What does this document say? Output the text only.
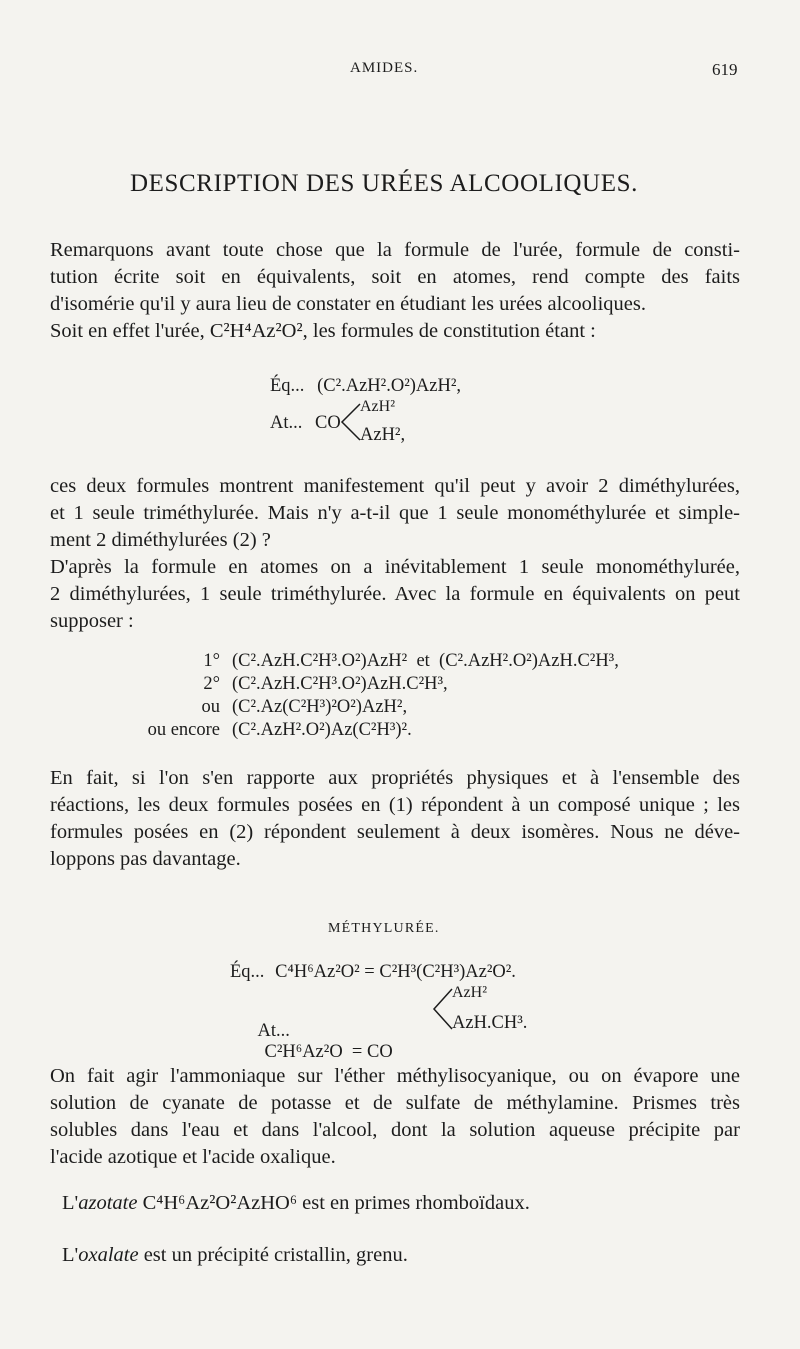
AMIDES.	619
DESCRIPTION DES URÉES ALCOOLIQUES.
Remarquons avant toute chose que la formule de l'urée, formule de consti-
tution écrite soit en équivalents, soit en atomes, rend compte des faits
d'isomérie qu'il y aura lieu de constater en étudiant les urées alcooliques.
Soit en effet l'urée, C²H⁴Az²O², les formules de constitution étant :
Éq... (C².AzH².O²)AzH²,
At... CO
AzH²
AzH²,
ces deux formules montrent manifestement qu'il peut y avoir 2 diméthylurées,
et 1 seule triméthylurée. Mais n'y a-t-il que 1 seule monométhylurée et simple-
ment 2 diméthylurées (2) ?
D'après la formule en atomes on a inévitablement 1 seule monométhylurée,
2 diméthylurées, 1 seule triméthylurée. Avec la formule en équivalents on peut
supposer :
1° (C².AzH.C²H³.O²)AzH²  et  (C².AzH².O²)AzH.C²H³,
2° (C².AzH.C²H³.O²)AzH.C²H³,
ou (C².Az(C²H³)²O²)AzH²,
ou encore (C².AzH².O²)Az(C²H³)².
En fait, si l'on s'en rapporte aux propriétés physiques et à l'ensemble des
réactions, les deux formules posées en (1) répondent à un composé unique ; les
formules posées en (2) répondent seulement à deux isomères. Nous ne déve-
loppons pas davantage.
MÉTHYLURÉE.
Éq... C⁴H⁶Az²O² = C²H³(C²H³)Az²O².

At...
C²H⁶Az²O  = CO

AzH²
AzH.CH³.
On fait agir l'ammoniaque sur l'éther méthylisocyanique, ou on évapore une
solution de cyanate de potasse et de sulfate de méthylamine. Prismes très
solubles dans l'eau et dans l'alcool, dont la solution aqueuse précipite par
l'acide azotique et l'acide oxalique.
L'azotate C⁴H⁶Az²O²AzHO⁶ est en primes rhomboïdaux.
L'oxalate est un précipité cristallin, grenu.
